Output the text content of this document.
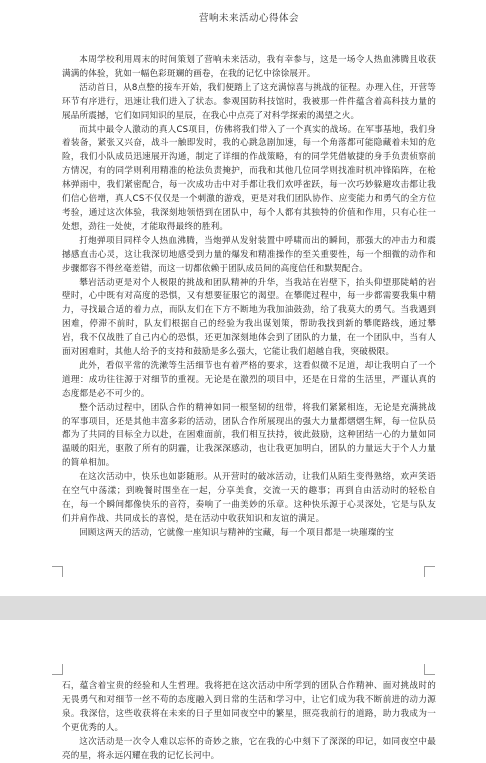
营响未来活动心得体会

本周学校利用周末的时间策划了营响未来活动，我有幸参与，这是一场令人热血沸腾且收获满满的体验，犹如一幅色彩斑斓的画卷，在我的记忆中徐徐展开。

活动首日，从8点整的接车开始，我们便踏上了这充满惊喜与挑战的征程。办理入住，开营等环节有序进行，迅速让我们进入了状态。参观国防科技馆时，我被那一件件蕴含着高科技力量的展品所震撼，它们如同知识的星辰，在我心中点亮了对科学探索的渴望之火。

而其中最令人激动的真人CS项目，仿佛将我们带入了一个真实的战场。在军事基地，我们身着装备，紧张又兴奋，战斗一触即发时，我的心跳急剧加速，每一个角落都可能隐藏着未知的危险，我们小队成员迅速展开沟通，制定了详细的作战策略，有的同学凭借敏捷的身手负责侦察前方情况，有的同学则利用精准的枪法负责掩护，而我和其他几位同学则找准时机冲锋陷阵，在枪林弹雨中，我们紧密配合，每一次成功击中对手都让我们欢呼雀跃，每一次巧妙躲避攻击都让我们信心倍增，真人CS不仅仅是一个刺激的游戏，更是对我们团队协作、应变能力和勇气的全方位考验，通过这次体验，我深刻地领悟到在团队中，每个人都有其独特的价值和作用，只有心往一处想，劲往一处使，才能取得最终的胜利。

打炮弹项目同样令人热血沸腾，当炮弹从发射装置中呼啸而出的瞬间，那强大的冲击力和震撼感直击心灵，这让我深切地感受到力量的爆发和精准操作的至关重要性，每一个细微的动作和步骤都容不得丝毫差错，而这一切都依赖于团队成员间的高度信任和默契配合。

攀岩活动更是对个人极限的挑战和团队精神的升华，当我站在岩壁下，抬头仰望那陡峭的岩壁时，心中既有对高度的恐惧，又有想要征服它的渴望。在攀爬过程中，每一步都需要我集中精力，寻找最合适的着力点，而队友们在下方不断地为我加油鼓劲，给了我莫大的勇气。当我遇到困难，停滞不前时，队友们根据自己的经验为我出谋划策，帮助我找到新的攀爬路线，通过攀岩，我不仅战胜了自己内心的恐惧，还更加深刻地体会到了团队的力量，在一个团队中，当有人面对困难时，其他人给予的支持和鼓励是多么强大，它能让我们超越自我，突破极限。

此外，看似平常的洗漱等生活细节也有着严格的要求，这看似微不足道，却让我明白了一个道理：成功往往源于对细节的重视。无论是在激烈的项目中，还是在日常的生活里，严谨认真的态度都是必不可少的。

整个活动过程中，团队合作的精神如同一根坚韧的纽带，将我们紧紧相连，无论是充满挑战的军事项目，还是其他丰富多彩的活动，团队合作所展现出的强大力量都熠熠生辉，每一位队员都为了共同的目标全力以赴，在困难面前，我们相互扶持，彼此鼓励，这种团结一心的力量如同温暖的阳光，驱散了所有的阴霾，让我深深感动，也让我更加明白，团队的力量远大于个人力量的简单相加。

在这次活动中，快乐也如影随形。从开营时的破冰活动，让我们从陌生变得熟络，欢声笑语在空气中荡漾；到晚餐时围坐在一起，分享美食，交流一天的趣事；再到自由活动时的轻松自在，每一个瞬间都像快乐的音符，奏响了一曲美妙的乐章。这种快乐源于心灵深处，它是与队友们并肩作战、共同成长的喜悦，是在活动中收获知识和友谊的满足。

回顾这两天的活动，它就像一座知识与精神的宝藏，每一个项目都是一块璀璨的宝

石，蕴含着宝贵的经验和人生哲理。我将把在这次活动中所学到的团队合作精神、面对挑战时的无畏勇气和对细节一丝不苟的态度融入到日常的生活和学习中，让它们成为我不断前进的动力源泉。我深信，这些收获将在未来的日子里如同夜空中的繁星，照亮我前行的道路，助力我成为一个更优秀的人。

这次活动是一次令人难以忘怀的奇妙之旅，它在我的心中刻下了深深的印记，如同夜空中最亮的星，将永远闪耀在我的记忆长河中。
